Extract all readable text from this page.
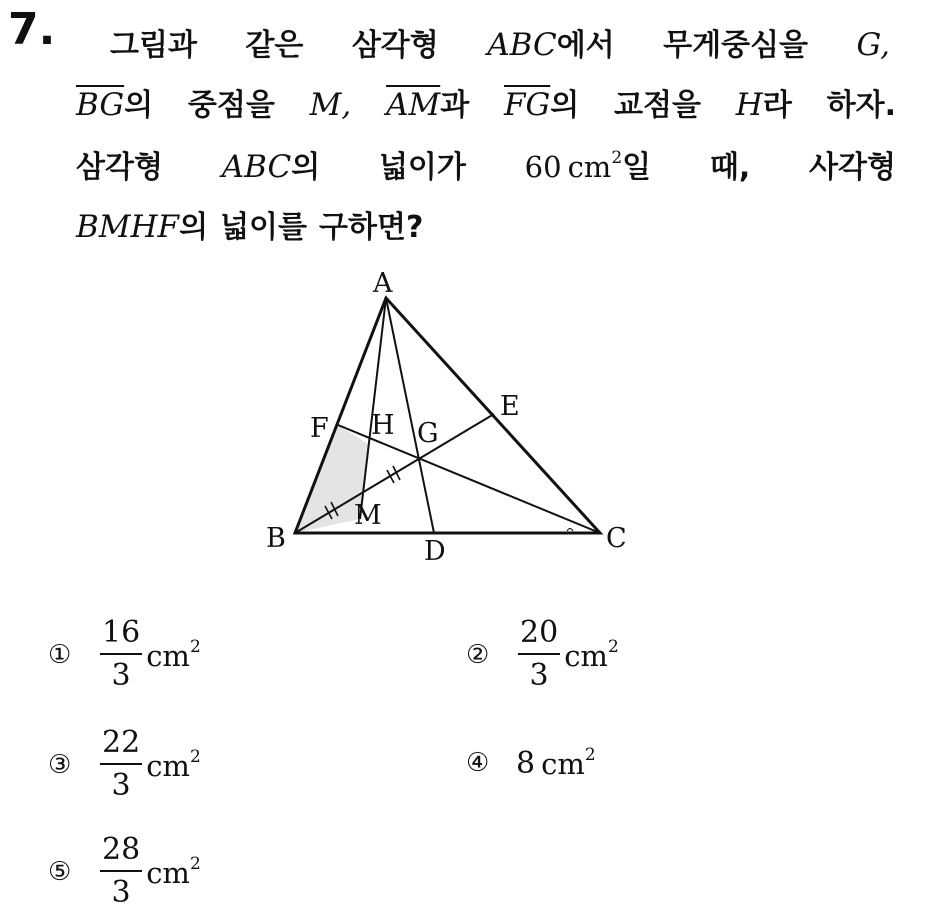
7. 그림과 같은 삼각형 ABC에서 무게중심을 G,
$\overline{BG}$의 중점을 M, $\overline{AM}$과 $\overline{FG}$의 교점을 H라 하자.
삼각형 ABC의 넓이가 60 $cm^2$일 때, 사각형
BMHF 의 넓이를 구하면?
A
B	C
D
E
F	G
H
M
① $\frac{16}{3} cm^2$	② $\frac{20}{3} cm^2$
③ $\frac{22}{3} cm^2$	④ 8 $cm^2$
⑤ $\frac{28}{3} cm^2$
